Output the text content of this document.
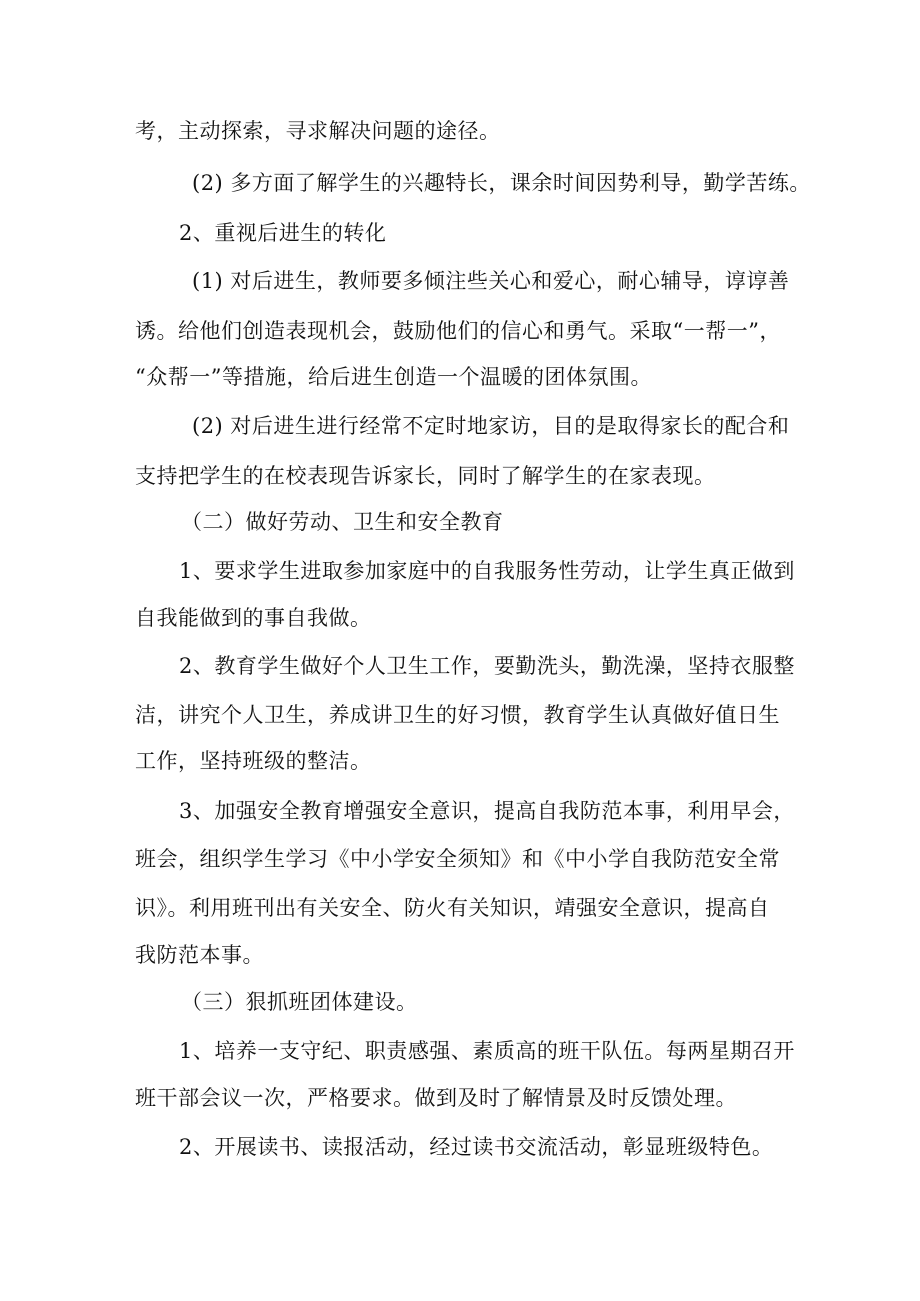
考，主动探索，寻求解决问题的途径。
(2) 多方面了解学生的兴趣特长，课余时间因势利导，勤学苦练。
2、重视后进生的转化
(1) 对后进生，教师要多倾注些关心和爱心，耐心辅导，谆谆善
诱。给他们创造表现机会，鼓励他们的信心和勇气。采取“一帮一”，
“众帮一”等措施，给后进生创造一个温暖的团体氛围。
(2) 对后进生进行经常不定时地家访，目的是取得家长的配合和
支持把学生的在校表现告诉家长，同时了解学生的在家表现。
（二）做好劳动、卫生和安全教育
1、要求学生进取参加家庭中的自我服务性劳动，让学生真正做到
自我能做到的事自我做。
2、教育学生做好个人卫生工作，要勤洗头，勤洗澡，坚持衣服整
洁，讲究个人卫生，养成讲卫生的好习惯，教育学生认真做好值日生
工作，坚持班级的整洁。
3、加强安全教育增强安全意识，提高自我防范本事，利用早会，
班会，组织学生学习《中小学安全须知》和《中小学自我防范安全常
识》。利用班刊出有关安全、防火有关知识，靖强安全意识，提高自
我防范本事。
（三）狠抓班团体建设。
1、培养一支守纪、职责感强、素质高的班干队伍。每两星期召开
班干部会议一次，严格要求。做到及时了解情景及时反馈处理。
2、开展读书、读报活动，经过读书交流活动，彰显班级特色。
